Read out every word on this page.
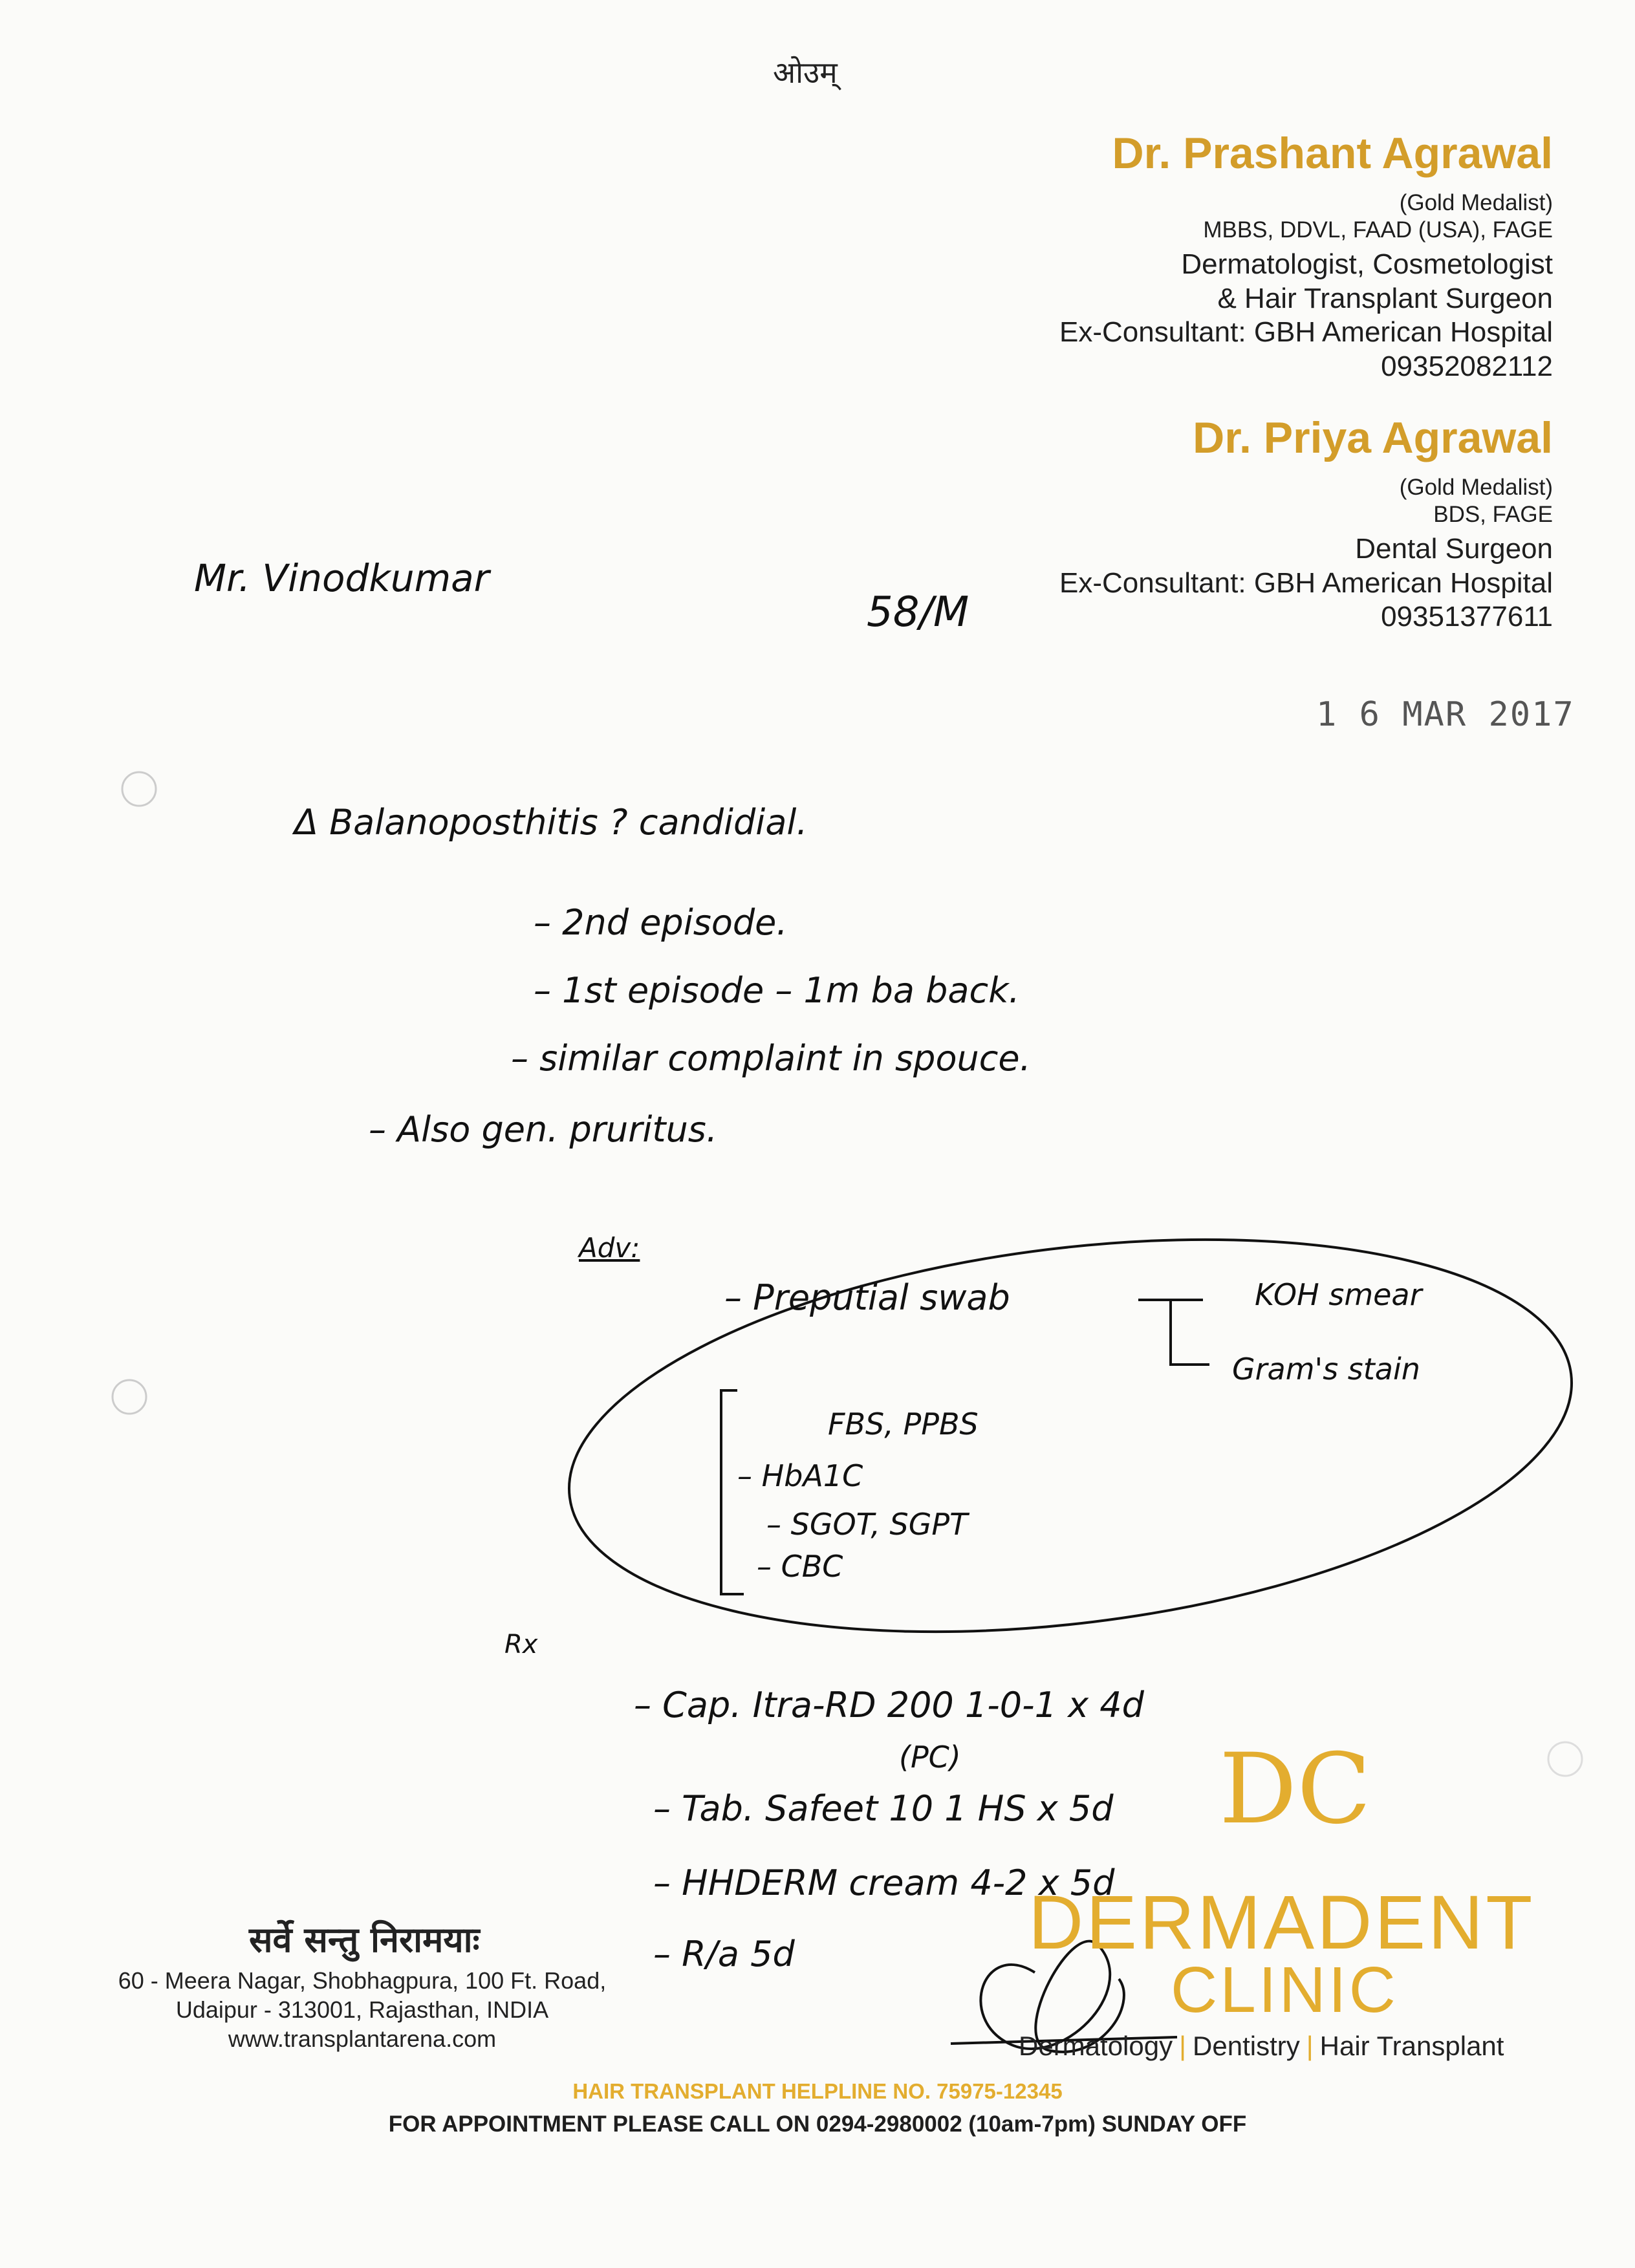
ओउम्
Dr. Prashant Agrawal
(Gold Medalist)
MBBS, DDVL, FAAD (USA), FAGE
Dermatologist, Cosmetologist
& Hair Transplant Surgeon
Ex-Consultant: GBH American Hospital
09352082112
Dr. Priya Agrawal
(Gold Medalist)
BDS, FAGE
Dental Surgeon
Ex-Consultant: GBH American Hospital
09351377611
1 6 MAR 2017
Mr. Vinodkumar
58/M
Δ Balanoposthitis ? candidial.
– 2nd episode.
– 1st episode – 1m ba back.
– similar complaint in spouce.
– Also gen. pruritus.
Adv:
– Preputial swab	KOH smear
Gram's stain
FBS, PPBS
– HbA1C
– SGOT, SGPT
– CBC
Rx
– Cap. Itra-RD 200 1-0-1 x 4d
(PC)
– Tab. Safeet 10 1 HS x 5d
– HHDERM cream 4-2 x 5d
– R/a 5d
सर्वे सन्तु निरामयाः
60 - Meera Nagar, Shobhagpura, 100 Ft. Road,
Udaipur - 313001, Rajasthan, INDIA
www.transplantarena.com
DC
DERMADENT
CLINIC
Dermatology | Dentistry | Hair Transplant
HAIR TRANSPLANT HELPLINE NO. 75975-12345
FOR APPOINTMENT PLEASE CALL ON 0294-2980002 (10am-7pm) SUNDAY OFF
